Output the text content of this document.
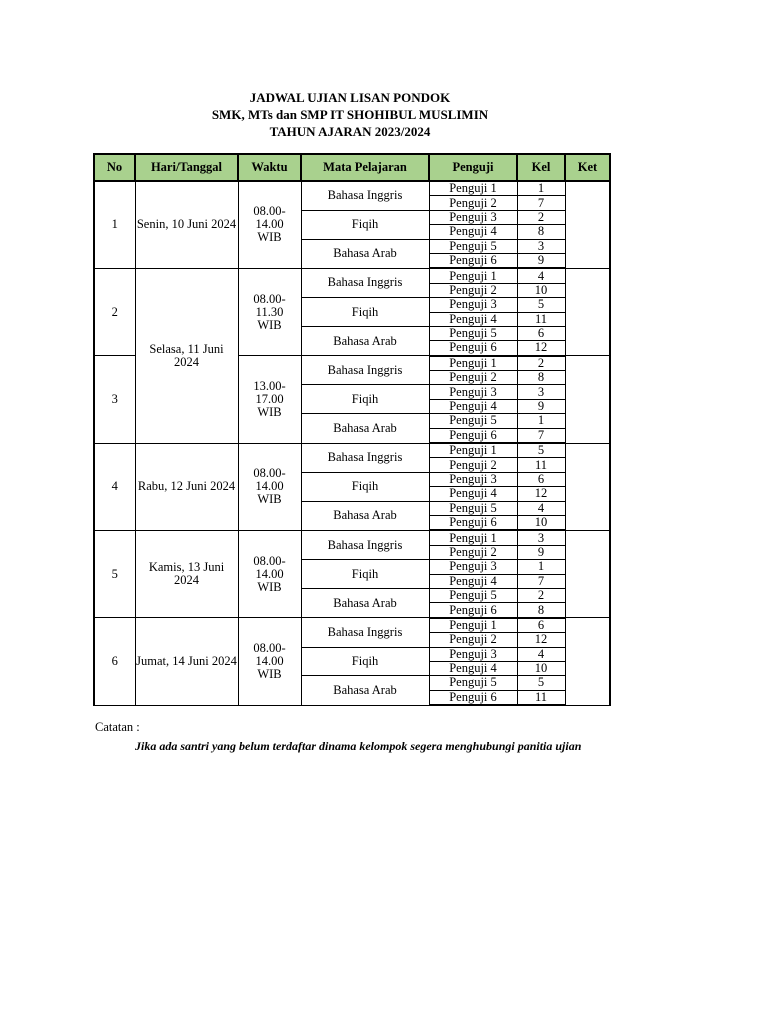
JADWAL UJIAN LISAN PONDOK
SMK, MTs dan SMP IT SHOHIBUL MUSLIMIN
TAHUN AJARAN 2023/2024
No	Hari/Tanggal	Waktu	Mata Pelajaran	Penguji	Kel	Ket
1	Senin, 10 Juni 2024	08.00-
14.00
WIB	Bahasa Inggris	Penguji 1	1	
				Penguji 2	7	
			Fiqih	Penguji 3	2	
				Penguji 4	8	
			Bahasa Arab	Penguji 5	3	
				Penguji 6	9	
2	Selasa, 11 Juni 2024	08.00-
11.30
WIB	Bahasa Inggris	Penguji 1	4	
				Penguji 2	10	
			Fiqih	Penguji 3	5	
				Penguji 4	11	
			Bahasa Arab	Penguji 5	6	
				Penguji 6	12	
3		13.00-
17.00
WIB	Bahasa Inggris	Penguji 1	2	
				Penguji 2	8	
			Fiqih	Penguji 3	3	
				Penguji 4	9	
			Bahasa Arab	Penguji 5	1	
				Penguji 6	7	
4	Rabu, 12 Juni 2024	08.00-
14.00
WIB	Bahasa Inggris	Penguji 1	5	
				Penguji 2	11	
			Fiqih	Penguji 3	6	
				Penguji 4	12	
			Bahasa Arab	Penguji 5	4	
				Penguji 6	10	
5	Kamis, 13 Juni 2024	08.00-
14.00
WIB	Bahasa Inggris	Penguji 1	3	
				Penguji 2	9	
			Fiqih	Penguji 3	1	
				Penguji 4	7	
			Bahasa Arab	Penguji 5	2	
				Penguji 6	8	
6	Jumat, 14 Juni 2024	08.00-
14.00
WIB	Bahasa Inggris	Penguji 1	6	
				Penguji 2	12	
			Fiqih	Penguji 3	4	
				Penguji 4	10	
			Bahasa Arab	Penguji 5	5	
				Penguji 6	11	
Catatan :
Jika ada santri yang belum terdaftar dinama kelompok segera menghubungi panitia ujian
